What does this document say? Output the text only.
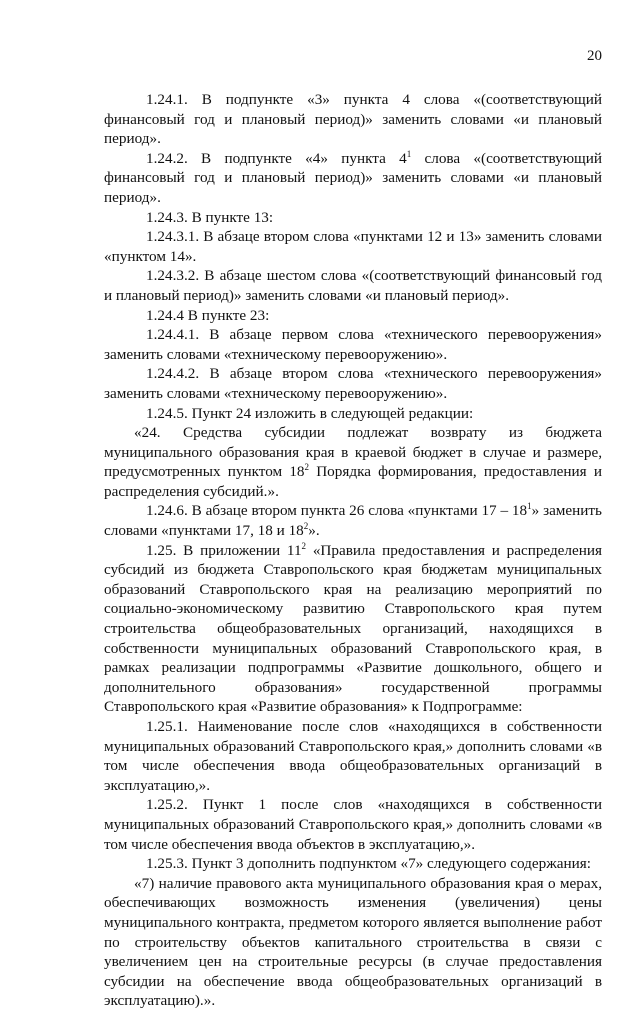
20

1.24.1. В подпункте «3» пункта 4 слова «(соответствующий финансовый год и плановый период)» заменить словами «и плановый период».

1.24.2. В подпункте «4» пункта $4^1$ слова «(соответствующий финансовый год и плановый период)» заменить словами «и плановый период».

1.24.3. В пункте 13:

1.24.3.1. В абзаце втором слова «пунктами 12 и 13» заменить словами «пунктом 14».

1.24.3.2. В абзаце шестом слова «(соответствующий финансовый год и плановый период)» заменить словами «и плановый период».

1.24.4 В пункте 23:

1.24.4.1. В абзаце первом слова «технического перевооружения» заменить словами «техническому перевооружению».

1.24.4.2. В абзаце втором слова «технического перевооружения» заменить словами «техническому перевооружению».

1.24.5. Пункт 24 изложить в следующей редакции:

«24. Средства субсидии подлежат возврату из бюджета муниципального образования края в краевой бюджет в случае и размере, предусмотренных пунктом $18^2$ Порядка формирования, предоставления и распределения субсидий.».

1.24.6. В абзаце втором пункта 26 слова «пунктами $17 - 18^1$» заменить словами «пунктами 17, 18 и $18^2$».

1.25. В приложении $11^2$ «Правила предоставления и распределения субсидий из бюджета Ставропольского края бюджетам муниципальных образований Ставропольского края на реализацию мероприятий по социально-экономическому развитию Ставропольского края путем строительства общеобразовательных организаций, находящихся в собственности муниципальных образований Ставропольского края, в рамках реализации подпрограммы «Развитие дошкольного, общего и дополнительного образования» государственной программы Ставропольского края «Развитие образования» к Подпрограмме:

1.25.1. Наименование после слов «находящихся в собственности муниципальных образований Ставропольского края,» дополнить словами «в том числе обеспечения ввода общеобразовательных организаций в эксплуатацию,».

1.25.2. Пункт 1 после слов «находящихся в собственности муниципальных образований Ставропольского края,» дополнить словами «в том числе обеспечения ввода объектов в эксплуатацию,».

1.25.3. Пункт 3 дополнить подпунктом «7» следующего содержания:

«7) наличие правового акта муниципального образования края о мерах, обеспечивающих возможность изменения (увеличения) цены муниципального контракта, предметом которого является выполнение работ по строительству объектов капитального строительства в связи с увеличением цен на строительные ресурсы (в случае предоставления субсидии на обеспечение ввода общеобразовательных организаций в эксплуатацию).».
